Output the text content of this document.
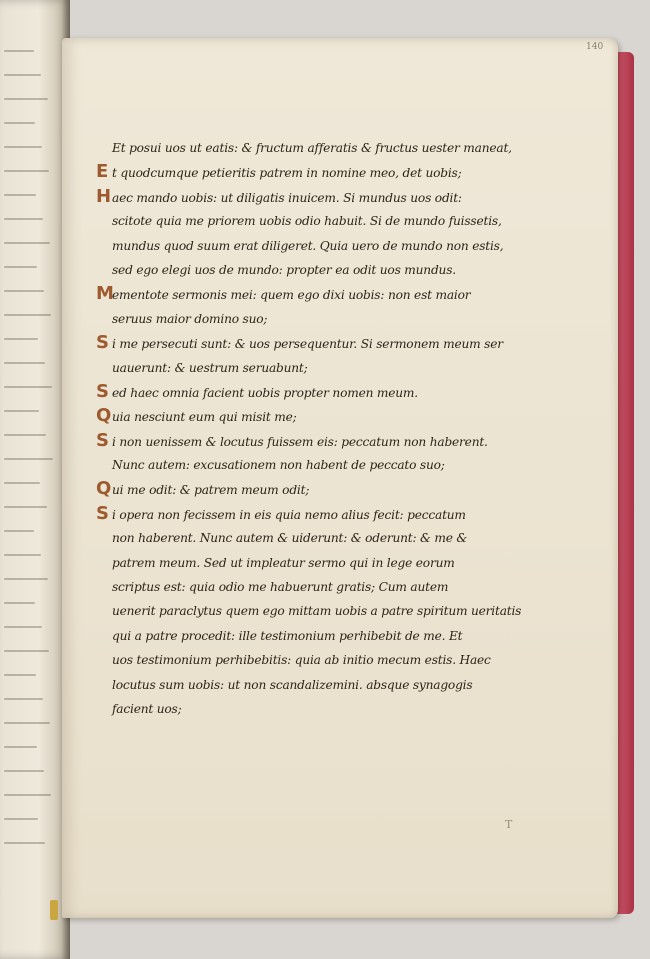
140
Et posui uos ut eatis: & fructum afferatis & fructus uester maneat,
E t quodcumque petieritis patrem in nomine meo, det uobis;
Haec mando uobis: ut diligatis inuicem. Si mundus uos odit:
scitote quia me priorem uobis odio habuit. Si de mundo fuissetis,
mundus quod suum erat diligeret. Quia uero de mundo non estis,
sed ego elegi uos de mundo: propter ea odit uos mundus.
Mementote sermonis mei: quem ego dixi uobis: non est maior
seruus maior domino suo;
S i me persecuti sunt: & uos persequentur. Si sermonem meum ser
uauerunt: & uestrum seruabunt;
S ed haec omnia facient uobis propter nomen meum.
Quia nesciunt eum qui misit me;
S i non uenissem & locutus fuissem eis: peccatum non haberent.
Nunc autem: excusationem non habent de peccato suo;
Qui me odit: & patrem meum odit;
S i opera non fecissem in eis quia nemo alius fecit: peccatum
non haberent. Nunc autem & uiderunt: & oderunt: & me &
patrem meum. Sed ut impleatur sermo qui in lege eorum
scriptus est: quia odio me habuerunt gratis; Cum autem
uenerit paraclytus quem ego mittam uobis a patre spiritum ueritatis
qui a patre procedit: ille testimonium perhibebit de me. Et
uos testimonium perhibebitis: quia ab initio mecum estis. Haec
locutus sum uobis: ut non scandalizemini. absque synagogis
facient uos;
T
